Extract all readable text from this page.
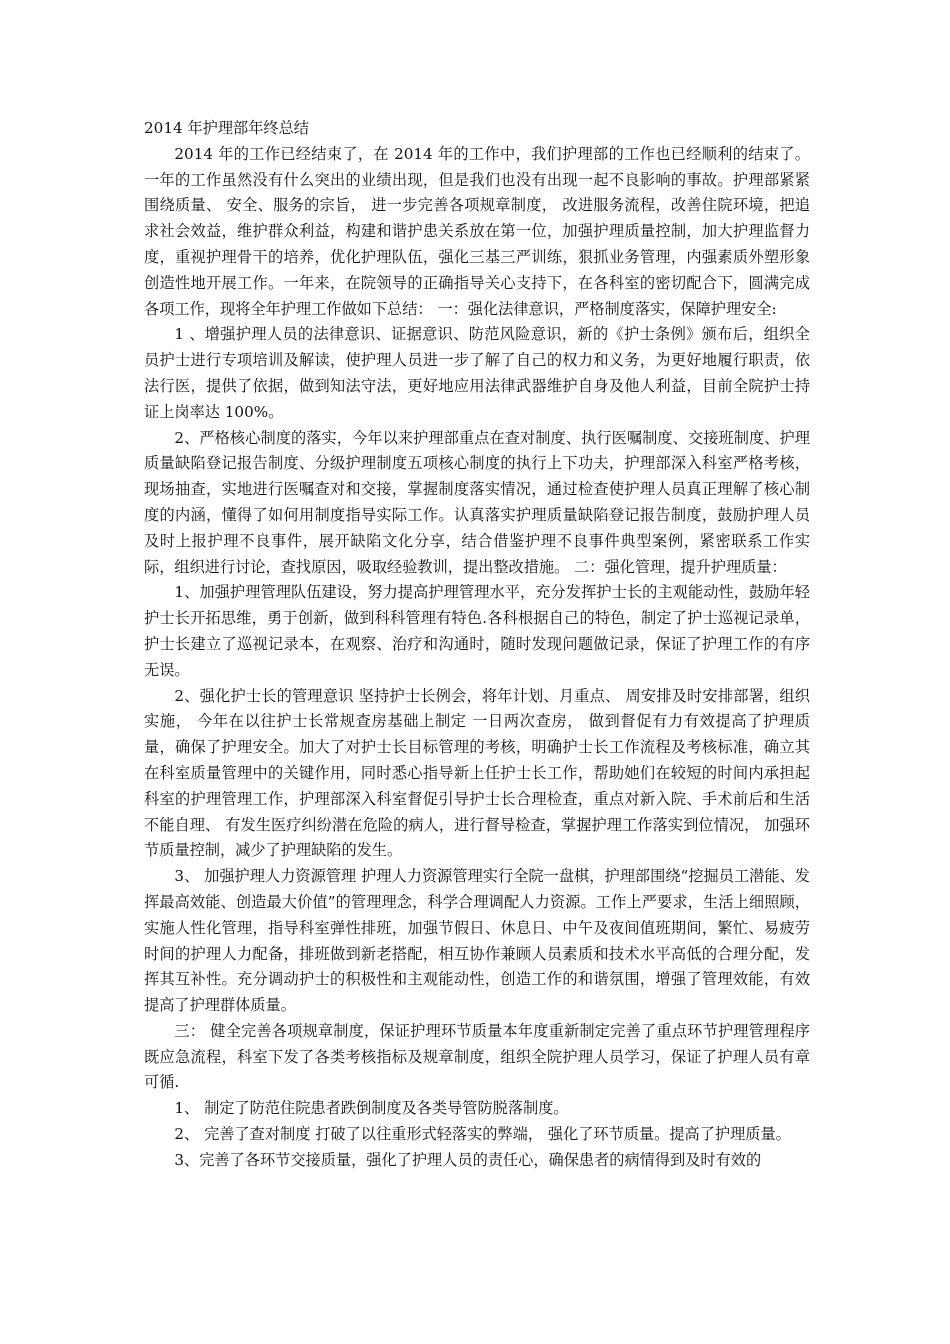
2014 年护理部年终总结

2014 年的工作已经结束了，在 2014 年的工作中，我们护理部的工作也已经顺利的结束了。一年的工作虽然没有什么突出的业绩出现，但是我们也没有出现一起不良影响的事故。护理部紧紧围绕质量、 安全、服务的宗旨， 进一步完善各项规章制度， 改进服务流程，改善住院环境，把追求社会效益，维护群众利益，构建和谐护患关系放在第一位，加强护理质量控制，加大护理监督力度，重视护理骨干的培养，优化护理队伍，强化三基三严训练，狠抓业务管理，内强素质外塑形象创造性地开展工作。一年来，在院领导的正确指导关心支持下，在各科室的密切配合下，圆满完成各项工作，现将全年护理工作做如下总结： 一：强化法律意识，严格制度落实，保障护理安全:

1 、增强护理人员的法律意识、证据意识、防范风险意识，新的《护士条例》颁布后，组织全员护士进行专项培训及解读，使护理人员进一步了解了自己的权力和义务，为更好地履行职责，依法行医，提供了依据，做到知法守法，更好地应用法律武器维护自身及他人利益，目前全院护士持证上岗率达 100%。

2、严格核心制度的落实，今年以来护理部重点在查对制度、执行医嘱制度、交接班制度、护理质量缺陷登记报告制度、分级护理制度五项核心制度的执行上下功夫，护理部深入科室严格考核，现场抽查，实地进行医嘱查对和交接，掌握制度落实情况，通过检查使护理人员真正理解了核心制度的内涵，懂得了如何用制度指导实际工作。认真落实护理质量缺陷登记报告制度，鼓励护理人员及时上报护理不良事件，展开缺陷文化分享，结合借鉴护理不良事件典型案例，紧密联系工作实际，组织进行讨论，查找原因，吸取经验教训，提出整改措施。 二：强化管理，提升护理质量：

1、加强护理管理队伍建设，努力提高护理管理水平，充分发挥护士长的主观能动性，鼓励年轻护士长开拓思维，勇于创新，做到科科管理有特色.各科根据自己的特色，制定了护士巡视记录单，护士长建立了巡视记录本，在观察、治疗和沟通时，随时发现问题做记录，保证了护理工作的有序无误。

2、强化护士长的管理意识 坚持护士长例会，将年计划、月重点、 周安排及时安排部署，组织实施， 今年在以往护士长常规查房基础上制定 一日两次查房， 做到督促有力有效提高了护理质量，确保了护理安全。加大了对护士长目标管理的考核，明确护士长工作流程及考核标准，确立其在科室质量管理中的关键作用，同时悉心指导新上任护士长工作，帮助她们在较短的时间内承担起科室的护理管理工作，护理部深入科室督促引导护士长合理检查，重点对新入院、手术前后和生活不能自理、 有发生医疗纠纷潜在危险的病人，进行督导检查，掌握护理工作落实到位情况， 加强环节质量控制，减少了护理缺陷的发生。

3、 加强护理人力资源管理 护理人力资源管理实行全院一盘棋，护理部围绕“挖掘员工潜能、发挥最高效能、创造最大价值”的管理理念，科学合理调配人力资源。工作上严要求，生活上细照顾，实施人性化管理，指导科室弹性排班，加强节假日、休息日、中午及夜间值班期间，繁忙、易疲劳时间的护理人力配备，排班做到新老搭配，相互协作兼顾人员素质和技术水平高低的合理分配，发挥其互补性。充分调动护士的积极性和主观能动性，创造工作的和谐氛围，增强了管理效能，有效提高了护理群体质量。

三： 健全完善各项规章制度，保证护理环节质量本年度重新制定完善了重点环节护理管理程序既应急流程，科室下发了各类考核指标及规章制度，组织全院护理人员学习，保证了护理人员有章可循.

1、 制定了防范住院患者跌倒制度及各类导管防脱落制度。

2、 完善了查对制度 打破了以往重形式轻落实的弊端， 强化了环节质量。提高了护理质量。

3、完善了各环节交接质量，强化了护理人员的责任心，确保患者的病情得到及时有效的
